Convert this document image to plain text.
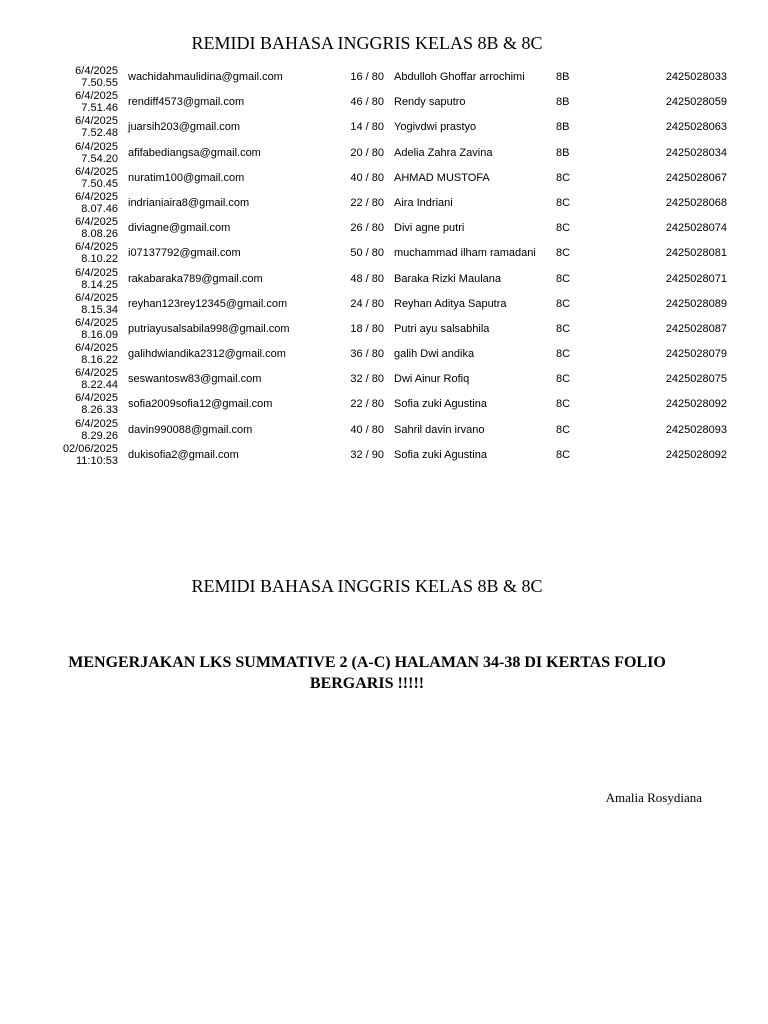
REMIDI BAHASA INGGRIS KELAS 8B & 8C
6/4/2025
7.50.55 wachidahmaulidina@gmail.com	16 / 80 Abdulloh Ghoffar arrochimi	8B	2425028033
6/4/2025
7.51.46 rendiff4573@gmail.com	46 / 80 Rendy saputro	8B	2425028059
6/4/2025
7.52.48 juarsih203@gmail.com	14 / 80 Yogivdwi prastyo	8B	2425028063
6/4/2025
7.54.20 afifabediangsa@gmail.com	20 / 80 Adelia Zahra Zavina	8B	2425028034
6/4/2025
7.50.45 nuratim100@gmail.com	40 / 80 AHMAD MUSTOFA	8C	2425028067
6/4/2025
8.07.46 indrianiaira8@gmail.com	22 / 80 Aira Indriani	8C	2425028068
6/4/2025
8.08.26 diviagne@gmail.com	26 / 80 Divi agne putri	8C	2425028074
6/4/2025
8.10.22 i07137792@gmail.com	50 / 80 muchammad ilham ramadani 8C	2425028081
6/4/2025
8.14.25 rakabaraka789@gmail.com	48 / 80 Baraka Rizki Maulana	8C	2425028071
6/4/2025
8.15.34 reyhan123rey12345@gmail.com	24 / 80 Reyhan Aditya Saputra	8C	2425028089
6/4/2025
8.16.09 putriayusalsabila998@gmail.com	18 / 80 Putri ayu salsabhila	8C	2425028087
6/4/2025
8.16.22 galihdwiandika2312@gmail.com	36 / 80 galih Dwi andika	8C	2425028079
6/4/2025
8.22.44 seswantosw83@gmail.com	32 / 80 Dwi Ainur Rofiq	8C	2425028075
6/4/2025
8.26.33 sofia2009sofia12@gmail.com	22 / 80 Sofia zuki Agustina	8C	2425028092
6/4/2025
8.29.26 davin990088@gmail.com	40 / 80 Sahril davin irvano	8C	2425028093
02/06/2025
11:10:53 dukisofia2@gmail.com	32 / 90 Sofia zuki Agustina	8C	2425028092
REMIDI BAHASA INGGRIS KELAS 8B & 8C

MENGERJAKAN LKS SUMMATIVE 2 (A-C) HALAMAN 34-38 DI KERTAS FOLIO BERGARIS !!!!!

Amalia Rosydiana
